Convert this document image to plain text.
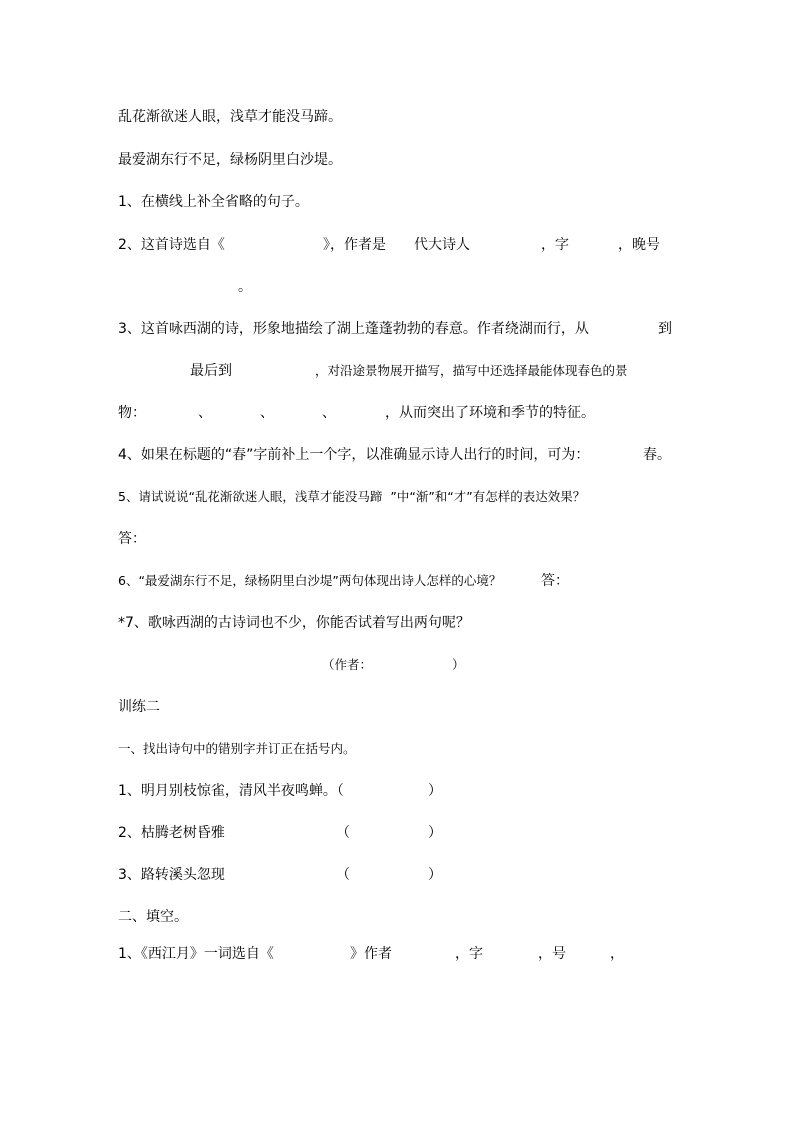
乱花渐欲迷人眼，浅草才能没马蹄。
最爱湖东行不足，绿杨阴里白沙堤。
1、在横线上补全省略的句子。
2、这首诗选自《	》，作者是 代大诗人	，字	，晚号
。
3、这首咏西湖的诗，形象地描绘了湖上蓬蓬勃勃的春意。作者绕湖而行，从	到
最后到	，对沿途景物展开描写，描写中还选择最能体现春色的景
物：	、	、	、	，从而突出了环境和季节的特征。
4、如果在标题的“春”字前补上一个字，以准确显示诗人出行的时间，可为：	春。
5、请试说说“乱花渐欲迷人眼，浅草才能没马蹄  ”中“渐”和“才”有怎样的表达效果？
答：
6、“最爱湖东行不足，绿杨阴里白沙堤”两句体现出诗人怎样的心境？	答：
*7、歌咏西湖的古诗词也不少，你能否试着写出两句呢？
（作者：	）
训练二
一、找出诗句中的错别字并订正在括号内。
1、明月别枝惊雀，清风半夜鸣蝉。（	）
2、枯腾老树昏雅	（	）
3、路转溪头忽现	（	）
二、填空。
1、《西江月》一词选自《	》作者	，字	，号	，
